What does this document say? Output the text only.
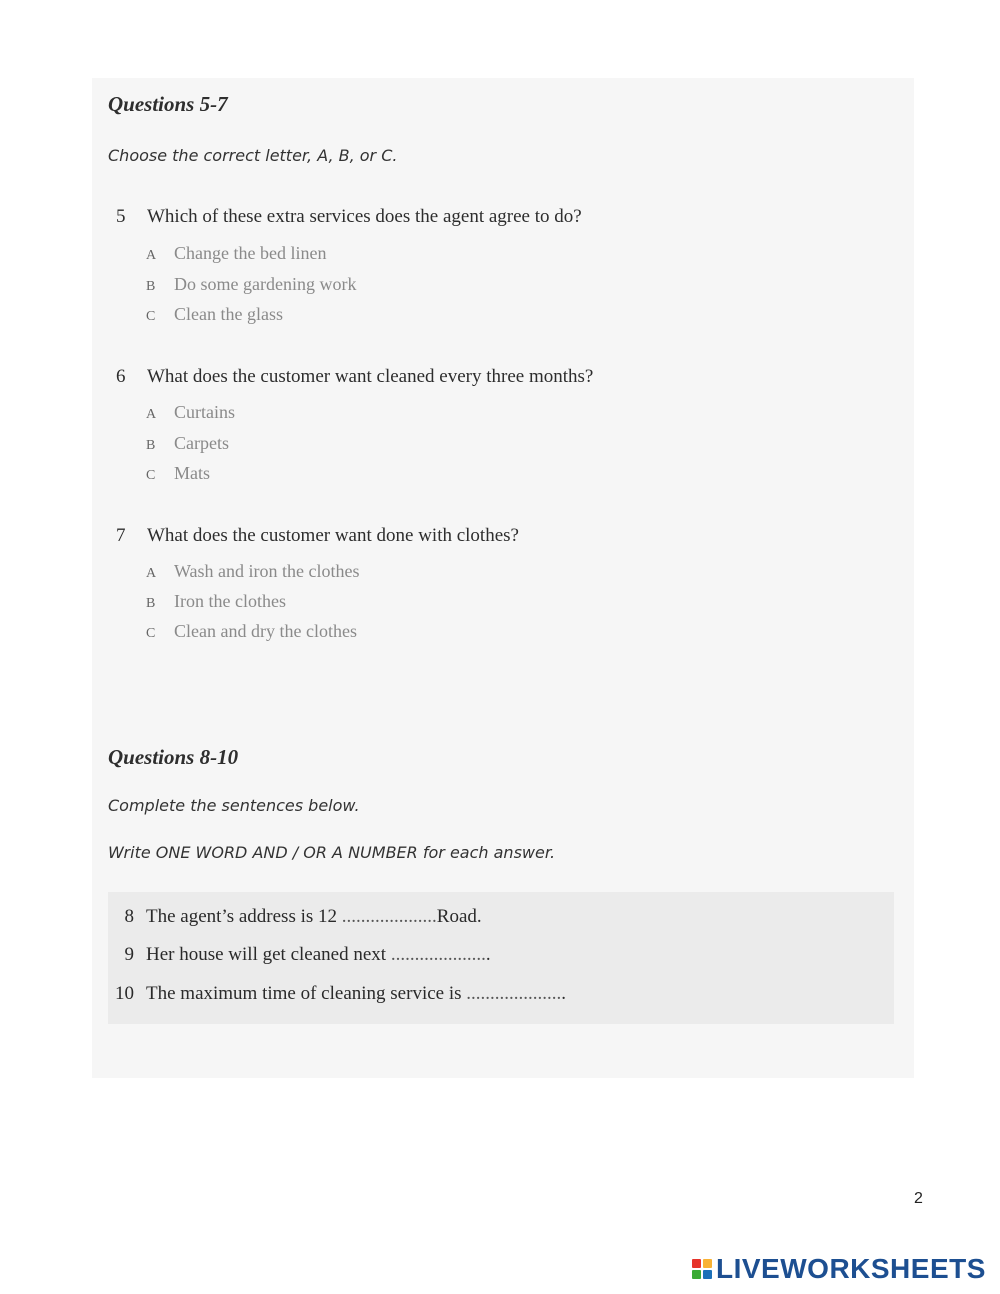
Questions 5-7
Choose the correct letter, A, B, or C.
5 Which of these extra services does the agent agree to do?
A Change the bed linen
B Do some gardening work
C Clean the glass
6 What does the customer want cleaned every three months?
A Curtains
B Carpets
C Mats
7 What does the customer want done with clothes?
A Wash and iron the clothes
B Iron the clothes
C Clean and dry the clothes
Questions 8-10
Complete the sentences below.
Write ONE WORD AND / OR A NUMBER for each answer.
8 The agent’s address is 12 ....................Road.
9 Her house will get cleaned next .....................
10 The maximum time of cleaning service is .....................
2
LIVEWORKSHEETS
